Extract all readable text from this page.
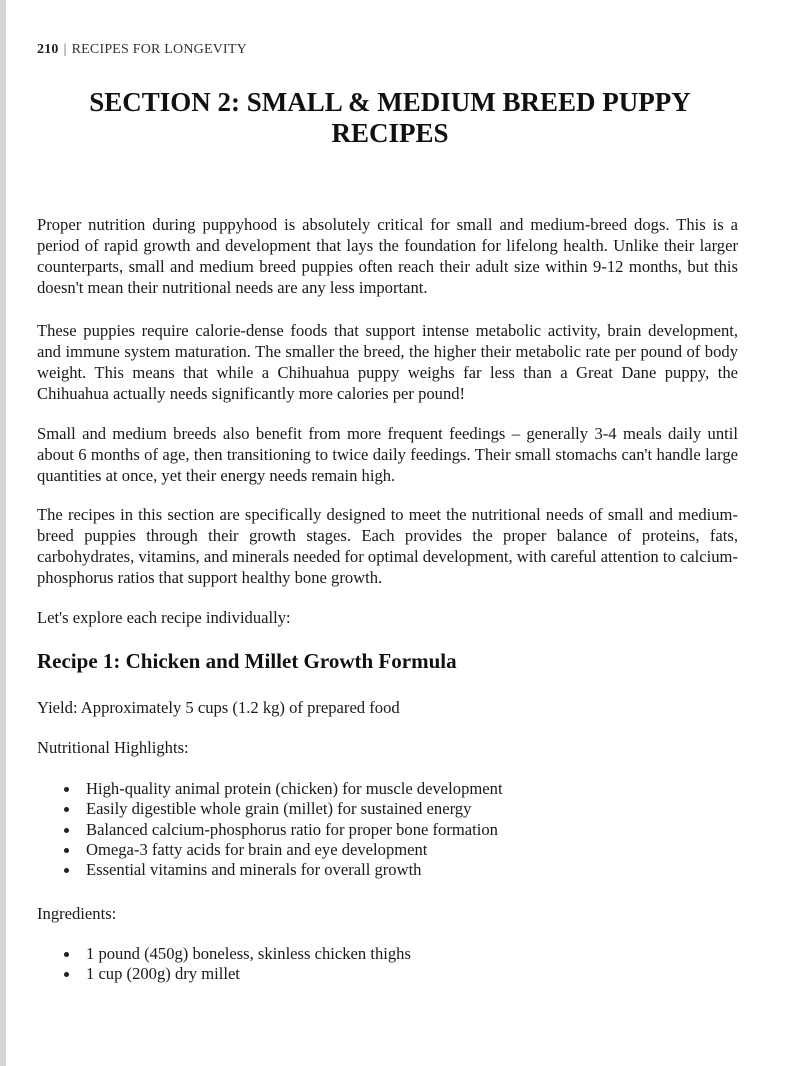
210 | RECIPES FOR LONGEVITY
SECTION 2: SMALL & MEDIUM BREED PUPPY
RECIPES

Proper nutrition during puppyhood is absolutely critical for small and medium-breed dogs. This is a period of rapid growth and development that lays the foundation for lifelong health. Unlike their larger counterparts, small and medium breed puppies often reach their adult size within 9-12 months, but this doesn't mean their nutritional needs are any less important.

These puppies require calorie-dense foods that support intense metabolic activity, brain development, and immune system maturation. The smaller the breed, the higher their metabolic rate per pound of body weight. This means that while a Chihuahua puppy weighs far less than a Great Dane puppy, the Chihuahua actually needs significantly more calories per pound!

Small and medium breeds also benefit from more frequent feedings – generally 3-4 meals daily until about 6 months of age, then transitioning to twice daily feedings. Their small stomachs can't handle large quantities at once, yet their energy needs remain high.

The recipes in this section are specifically designed to meet the nutritional needs of small and medium-breed puppies through their growth stages. Each provides the proper balance of proteins, fats, carbohydrates, vitamins, and minerals needed for optimal development, with careful attention to calcium-phosphorus ratios that support healthy bone growth.

Let's explore each recipe individually:

Recipe 1: Chicken and Millet Growth Formula

Yield: Approximately 5 cups (1.2 kg) of prepared food

Nutritional Highlights:

High-quality animal protein (chicken) for muscle development
Easily digestible whole grain (millet) for sustained energy
Balanced calcium-phosphorus ratio for proper bone formation
Omega-3 fatty acids for brain and eye development
Essential vitamins and minerals for overall growth

Ingredients:

1 pound (450g) boneless, skinless chicken thighs
1 cup (200g) dry millet
